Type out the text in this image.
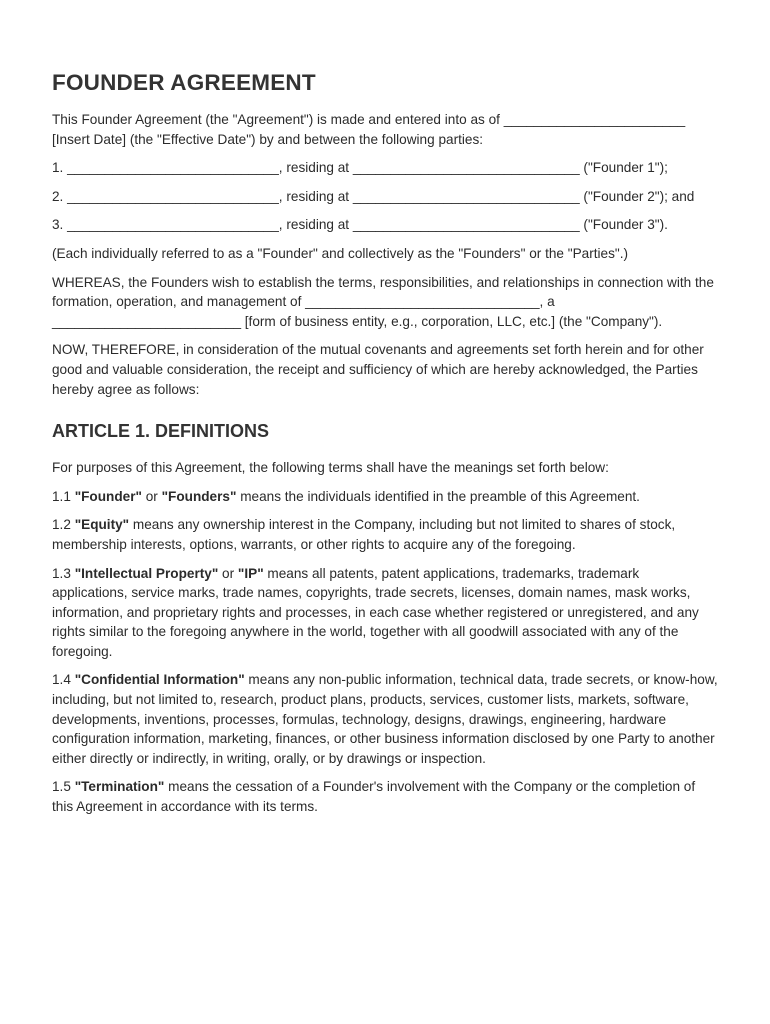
FOUNDER AGREEMENT

This Founder Agreement (the "Agreement") is made and entered into as of ________________________ [Insert Date] (the "Effective Date") by and between the following parties:

1. ____________________________, residing at ______________________________ ("Founder 1");

2. ____________________________, residing at ______________________________ ("Founder 2"); and

3. ____________________________, residing at ______________________________ ("Founder 3").

(Each individually referred to as a "Founder" and collectively as the "Founders" or the "Parties".)

WHEREAS, the Founders wish to establish the terms, responsibilities, and relationships in connection with the formation, operation, and management of _______________________________, a _________________________ [form of business entity, e.g., corporation, LLC, etc.] (the "Company").

NOW, THEREFORE, in consideration of the mutual covenants and agreements set forth herein and for other good and valuable consideration, the receipt and sufficiency of which are hereby acknowledged, the Parties hereby agree as follows:

ARTICLE 1. DEFINITIONS

For purposes of this Agreement, the following terms shall have the meanings set forth below:

1.1 "Founder" or "Founders" means the individuals identified in the preamble of this Agreement.

1.2 "Equity" means any ownership interest in the Company, including but not limited to shares of stock, membership interests, options, warrants, or other rights to acquire any of the foregoing.

1.3 "Intellectual Property" or "IP" means all patents, patent applications, trademarks, trademark applications, service marks, trade names, copyrights, trade secrets, licenses, domain names, mask works, information, and proprietary rights and processes, in each case whether registered or unregistered, and any rights similar to the foregoing anywhere in the world, together with all goodwill associated with any of the foregoing.

1.4 "Confidential Information" means any non-public information, technical data, trade secrets, or know-how, including, but not limited to, research, product plans, products, services, customer lists, markets, software, developments, inventions, processes, formulas, technology, designs, drawings, engineering, hardware configuration information, marketing, finances, or other business information disclosed by one Party to another either directly or indirectly, in writing, orally, or by drawings or inspection.

1.5 "Termination" means the cessation of a Founder's involvement with the Company or the completion of this Agreement in accordance with its terms.
